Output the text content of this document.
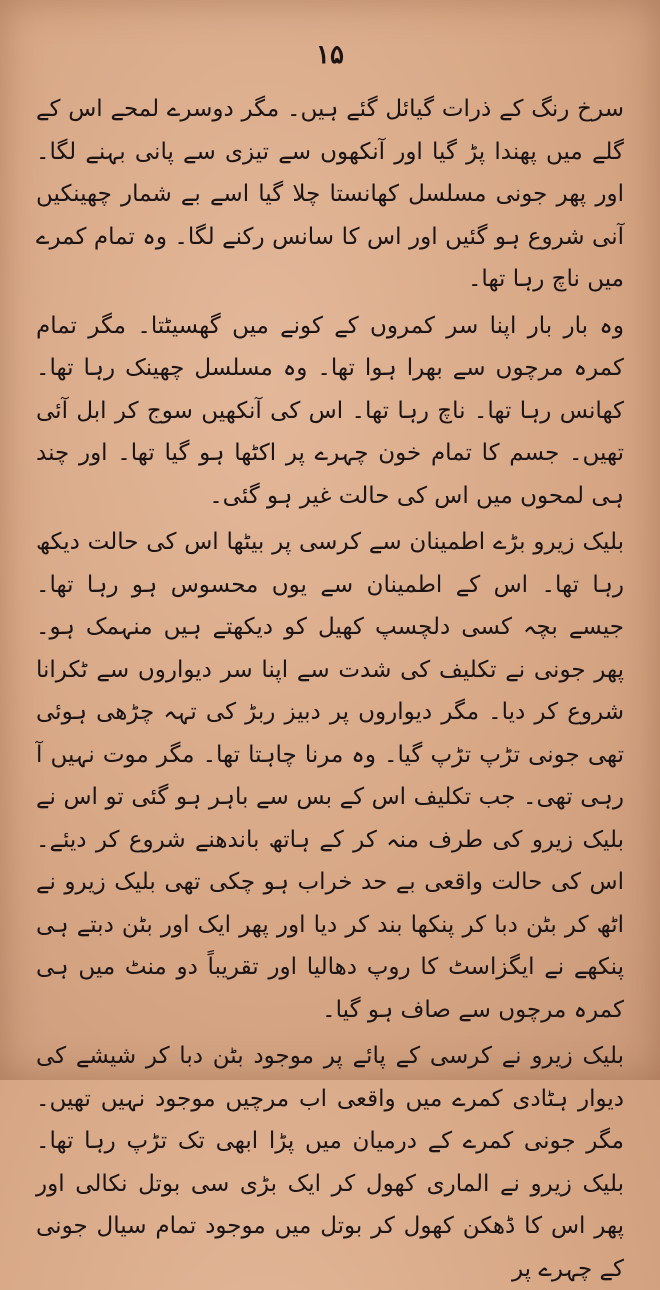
۱۵

سرخ رنگ کے ذرات گیائل گئے ہیں۔ مگر دوسرے لمحے اس کے گلے میں پھندا پڑ گیا اور آنکھوں سے تیزی سے پانی بہنے لگا۔ اور پھر جونی مسلسل کھانستا چلا گیا اسے بے شمار چھینکیں آنی شروع ہو گئیں اور اس کا سانس رکنے لگا۔ وہ تمام کمرے میں ناچ رہا تھا۔

وہ بار بار اپنا سر کمروں کے کونے میں گھسیٹتا۔ مگر تمام کمرہ مرچوں سے بھرا ہوا تھا۔ وہ مسلسل چھینک رہا تھا۔ کھانس رہا تھا۔ ناچ رہا تھا۔ اس کی آنکھیں سوج کر ابل آئی تھیں۔ جسم کا تمام خون چہرے پر اکٹھا ہو گیا تھا۔ اور چند ہی لمحوں میں اس کی حالت غیر ہو گئی۔

بلیک زیرو بڑے اطمینان سے کرسی پر بیٹھا اس کی حالت دیکھ رہا تھا۔ اس کے اطمینان سے یوں محسوس ہو رہا تھا۔ جیسے بچہ کسی دلچسپ کھیل کو دیکھتے ہیں منہمک ہو۔ پھر جونی نے تکلیف کی شدت سے اپنا سر دیواروں سے ٹکرانا شروع کر دیا۔ مگر دیواروں پر دبیز ربڑ کی تہہ چڑھی ہوئی تھی جونی تڑپ تڑپ گیا۔ وہ مرنا چاہتا تھا۔ مگر موت نہیں آ رہی تھی۔ جب تکلیف اس کے بس سے باہر ہو گئی تو اس نے بلیک زیرو کی طرف منہ کر کے ہاتھ باندھنے شروع کر دیئے۔ اس کی حالت واقعی بے حد خراب ہو چکی تھی بلیک زیرو نے اٹھ کر بٹن دبا کر پنکھا بند کر دیا اور پھر ایک اور بٹن دبتے ہی پنکھے نے ایگزاسٹ کا روپ دھالیا اور تقریباً دو منٹ میں ہی کمرہ مرچوں سے صاف ہو گیا۔

بلیک زیرو نے کرسی کے پائے پر موجود بٹن دبا کر شیشے کی دیوار ہٹادی کمرے میں واقعی اب مرچیں موجود نہیں تھیں۔ مگر جونی کمرے کے درمیان میں پڑا ابھی تک تڑپ رہا تھا۔ بلیک زیرو نے الماری کھول کر ایک بڑی سی بوتل نکالی اور پھر اس کا ڈھکن کھول کر بوتل میں موجود تمام سیال جونی کے چہرے پر
